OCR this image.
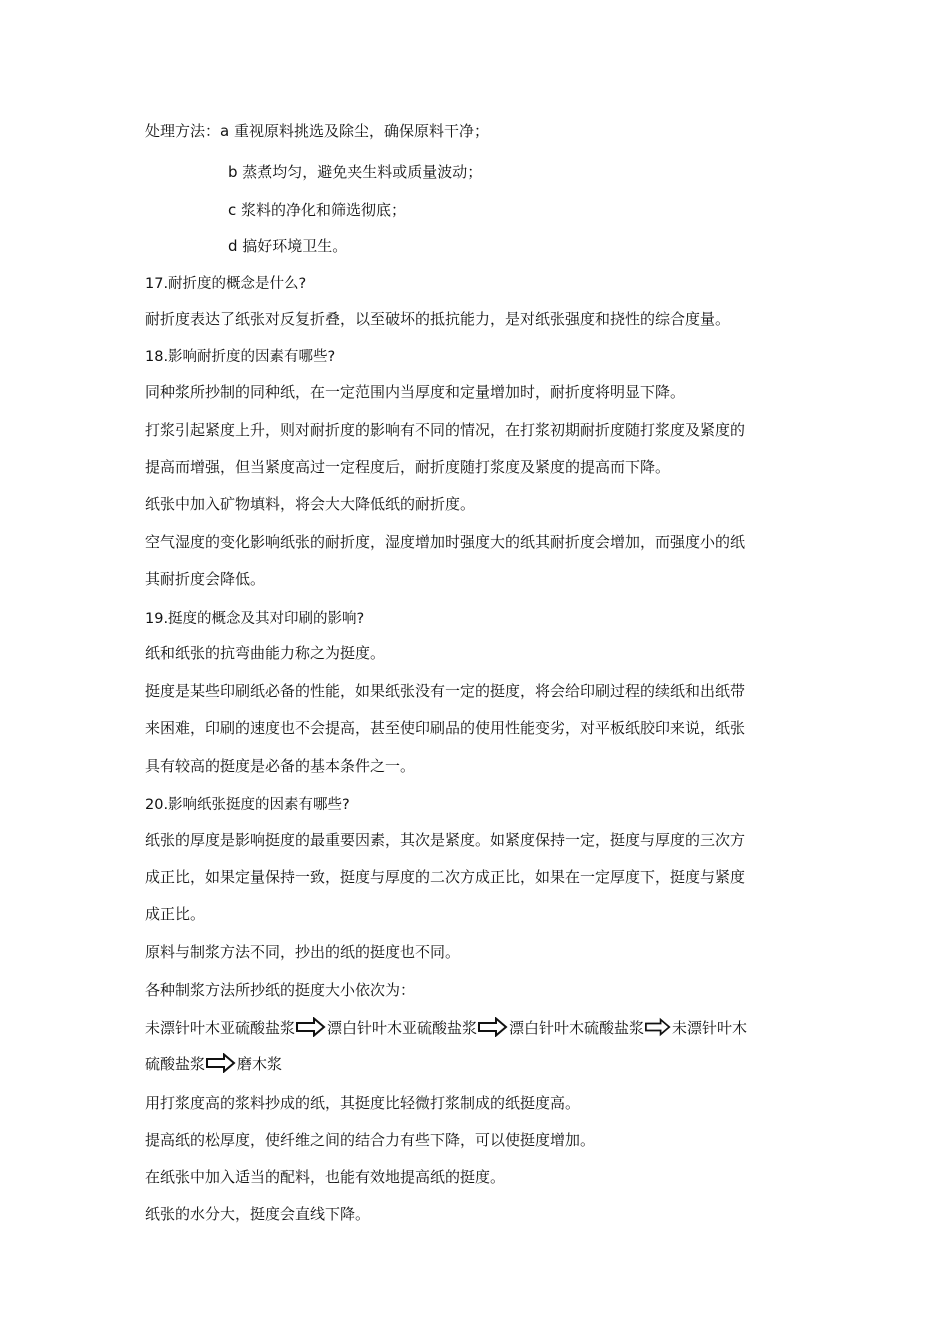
处理方法：a 重视原料挑选及除尘，确保原料干净；
b 蒸煮均匀，避免夹生料或质量波动；
c 浆料的净化和筛选彻底；
d 搞好环境卫生。
17.耐折度的概念是什么?
耐折度表达了纸张对反复折叠，以至破坏的抵抗能力，是对纸张强度和挠性的综合度量。
18.影响耐折度的因素有哪些?
同种浆所抄制的同种纸，在一定范围内当厚度和定量增加时，耐折度将明显下降。
打浆引起紧度上升，则对耐折度的影响有不同的情况，在打浆初期耐折度随打浆度及紧度的
提高而增强，但当紧度高过一定程度后，耐折度随打浆度及紧度的提高而下降。
纸张中加入矿物填料，将会大大降低纸的耐折度。
空气湿度的变化影响纸张的耐折度，湿度增加时强度大的纸其耐折度会增加，而强度小的纸
其耐折度会降低。
19.挺度的概念及其对印刷的影响?
纸和纸张的抗弯曲能力称之为挺度。
挺度是某些印刷纸必备的性能，如果纸张没有一定的挺度，将会给印刷过程的续纸和出纸带
来困难，印刷的速度也不会提高，甚至使印刷品的使用性能变劣，对平板纸胶印来说，纸张
具有较高的挺度是必备的基本条件之一。
20.影响纸张挺度的因素有哪些?
纸张的厚度是影响挺度的最重要因素，其次是紧度。如紧度保持一定，挺度与厚度的三次方
成正比，如果定量保持一致，挺度与厚度的二次方成正比，如果在一定厚度下，挺度与紧度
成正比。
原料与制浆方法不同，抄出的纸的挺度也不同。
各种制浆方法所抄纸的挺度大小依次为：
未漂针叶木亚硫酸盐浆 漂白针叶木亚硫酸盐浆 漂白针叶木硫酸盐浆 未漂针叶木
硫酸盐浆 磨木浆
用打浆度高的浆料抄成的纸，其挺度比轻微打浆制成的纸挺度高。
提高纸的松厚度，使纤维之间的结合力有些下降，可以使挺度增加。
在纸张中加入适当的配料，也能有效地提高纸的挺度。
纸张的水分大，挺度会直线下降。
